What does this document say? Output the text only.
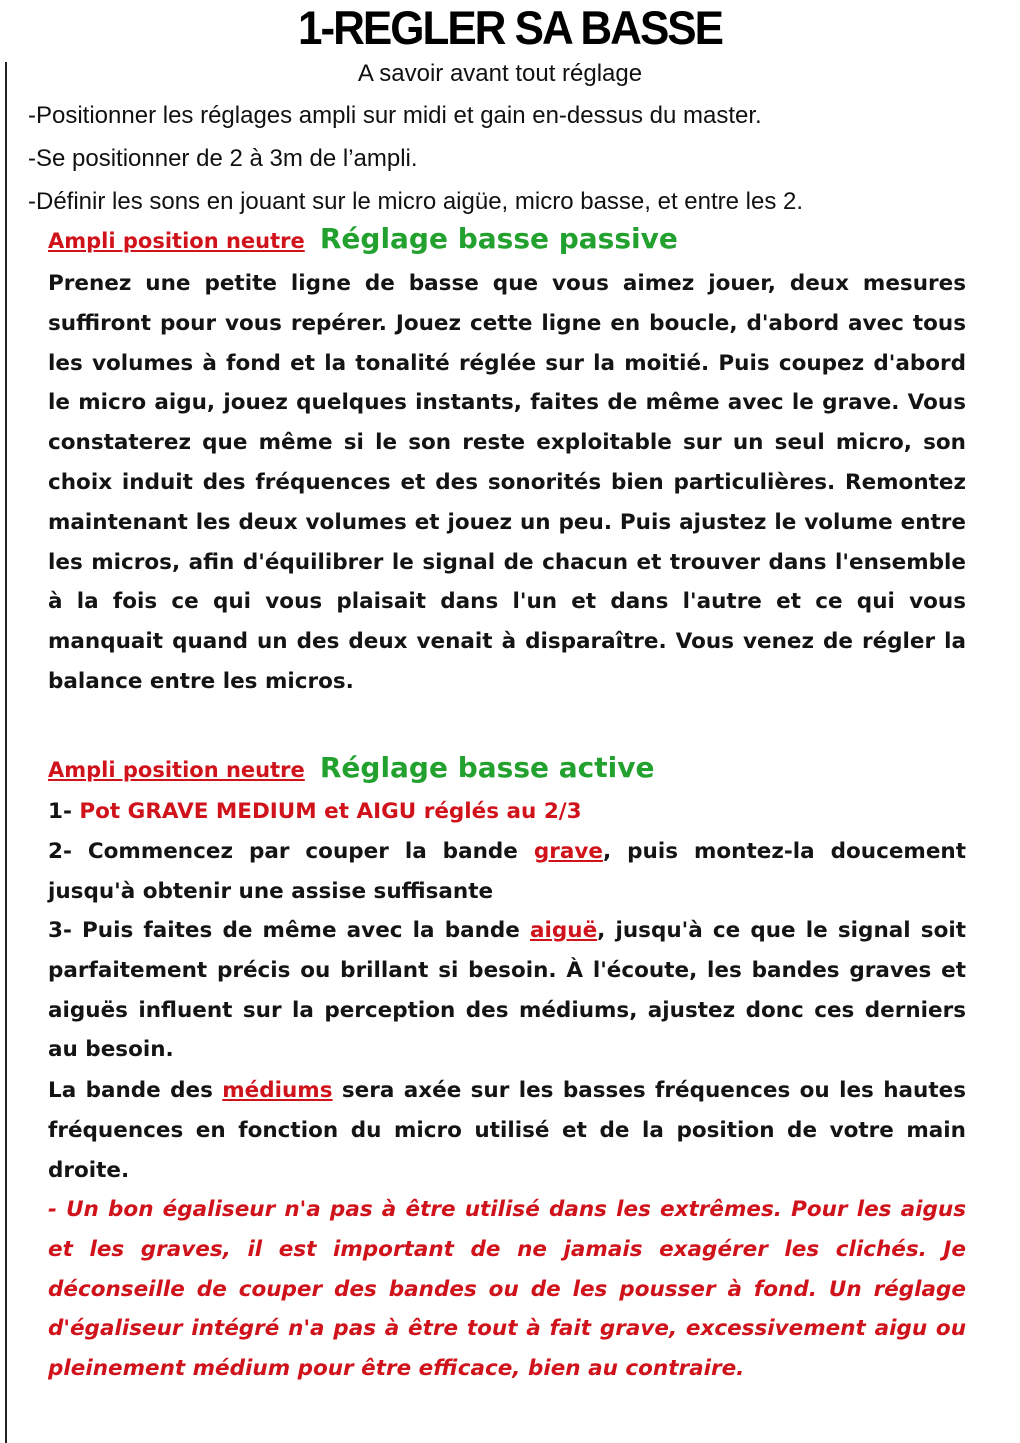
1-REGLER SA BASSE
A savoir avant tout réglage
-Positionner les réglages ampli sur midi et gain en-dessus du master.
-Se positionner de 2 à 3m de l’ampli.
-Définir les sons en jouant sur le micro aigüe, micro basse, et entre les 2.
Ampli position neutre Réglage basse passive
Prenez une petite ligne de basse que vous aimez jouer, deux mesures suffiront pour vous repérer. Jouez cette ligne en boucle, d'abord avec tous les volumes à fond et la tonalité réglée sur la moitié. Puis coupez d'abord le micro aigu, jouez quelques instants, faites de même avec le grave. Vous constaterez que même si le son reste exploitable sur un seul micro, son choix induit des fréquences et des sonorités bien particulières. Remontez maintenant les deux volumes et jouez un peu. Puis ajustez le volume entre les micros, afin d'équilibrer le signal de chacun et trouver dans l'ensemble à la fois ce qui vous plaisait dans l'un et dans l'autre et ce qui vous manquait quand un des deux venait à disparaître. Vous venez de régler la balance entre les micros.
Ampli position neutre Réglage basse active
1- Pot GRAVE MEDIUM et AIGU réglés au 2/3
2- Commencez par couper la bande grave, puis montez-la doucement jusqu'à obtenir une assise suffisante
3- Puis faites de même avec la bande aiguë, jusqu'à ce que le signal soit parfaitement précis ou brillant si besoin. À l'écoute, les bandes graves et aiguës influent sur la perception des médiums, ajustez donc ces derniers au besoin.
La bande des médiums sera axée sur les basses fréquences ou les hautes fréquences en fonction du micro utilisé et de la position de votre main droite.
- Un bon égaliseur n'a pas à être utilisé dans les extrêmes. Pour les aigus et les graves, il est important de ne jamais exagérer les clichés. Je déconseille de couper des bandes ou de les pousser à fond. Un réglage d'égaliseur intégré n'a pas à être tout à fait grave, excessivement aigu ou pleinement médium pour être efficace, bien au contraire.
